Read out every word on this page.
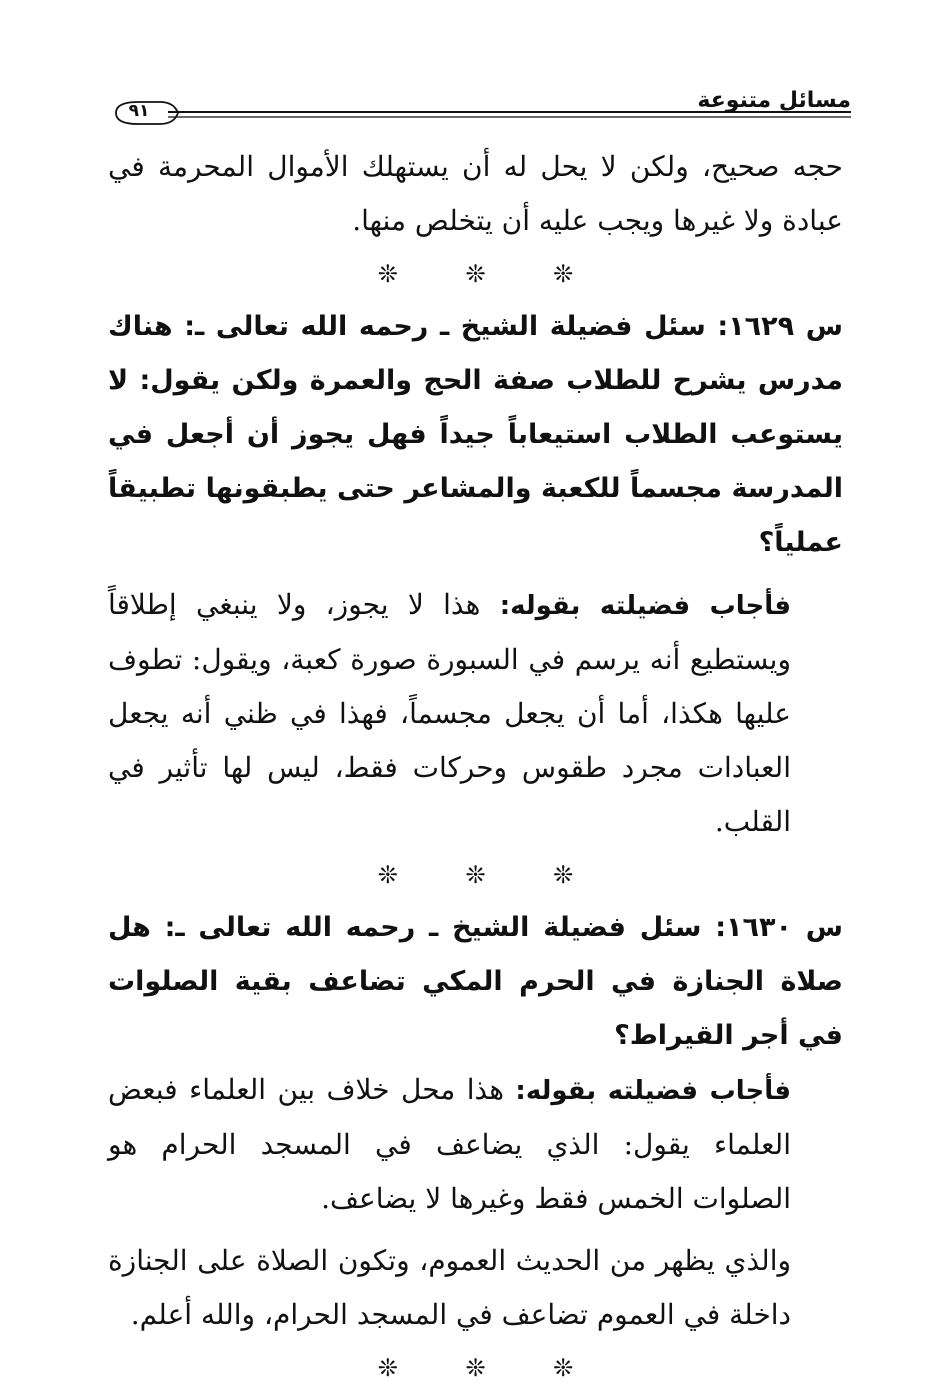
مسائل متنوعة
٩١

حجه صحيح، ولكن لا يحل له أن يستهلك الأموال المحرمة في عبادة ولا غيرها ويجب عليه أن يتخلص منها.

❊ ❊ ❊

س ١٦٢٩: سئل فضيلة الشيخ ـ رحمه الله تعالى ـ: هناك مدرس يشرح للطلاب صفة الحج والعمرة ولكن يقول: لا يستوعب الطلاب استيعاباً جيداً فهل يجوز أن أجعل في المدرسة مجسماً للكعبة والمشاعر حتى يطبقونها تطبيقاً عملياً؟

فأجاب فضيلته بقوله: هذا لا يجوز، ولا ينبغي إطلاقاً ويستطيع أنه يرسم في السبورة صورة كعبة، ويقول: تطوف عليها هكذا، أما أن يجعل مجسماً، فهذا في ظني أنه يجعل العبادات مجرد طقوس وحركات فقط، ليس لها تأثير في القلب.

❊ ❊ ❊

س ١٦٣٠: سئل فضيلة الشيخ ـ رحمه الله تعالى ـ: هل صلاة الجنازة في الحرم المكي تضاعف بقية الصلوات في أجر القيراط؟

فأجاب فضيلته بقوله: هذا محل خلاف بين العلماء فبعض العلماء يقول: الذي يضاعف في المسجد الحرام هو الصلوات الخمس فقط وغيرها لا يضاعف.

والذي يظهر من الحديث العموم، وتكون الصلاة على الجنازة داخلة في العموم تضاعف في المسجد الحرام، والله أعلم.

❊ ❊ ❊
